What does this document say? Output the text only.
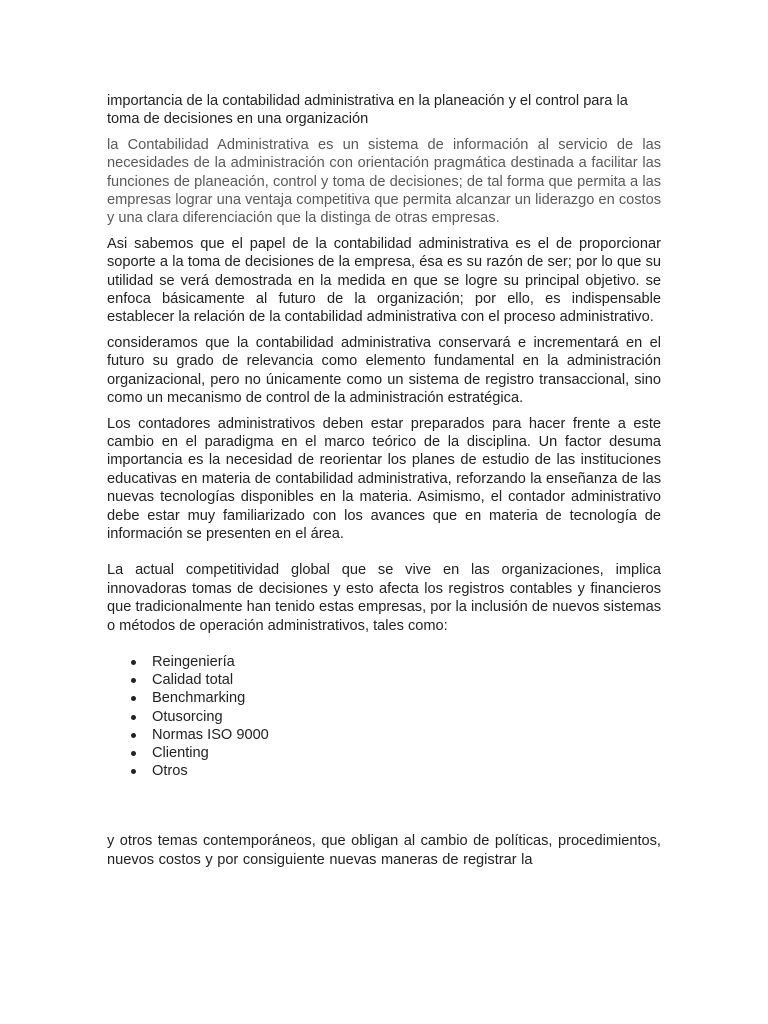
importancia de la contabilidad administrativa en la planeación y el control para la toma de decisiones en una organización

la Contabilidad Administrativa es un sistema de información al servicio de las necesidades de la administración con orientación pragmática destinada a facilitar las funciones de planeación, control y toma de decisiones; de tal forma que permita a las empresas lograr una ventaja competitiva que permita alcanzar un liderazgo en costos y una clara diferenciación que la distinga de otras empresas.

Asi sabemos que el papel de la contabilidad administrativa es el de proporcionar soporte a la toma de decisiones de la empresa, ésa es su razón de ser; por lo que su utilidad se verá demostrada en la medida en que se logre su principal objetivo. se enfoca básicamente al futuro de la organización; por ello, es indispensable establecer la relación de la contabilidad administrativa con el proceso administrativo.

consideramos que la contabilidad administrativa conservará e incrementará en el futuro su grado de relevancia como elemento fundamental en la administración organizacional, pero no únicamente como un sistema de registro transaccional, sino como un mecanismo de control de la administración estratégica.

Los contadores administrativos deben estar preparados para hacer frente a este cambio en el paradigma en el marco teórico de la disciplina. Un factor desuma importancia es la necesidad de reorientar los planes de estudio de las instituciones educativas en materia de contabilidad administrativa, reforzando la enseñanza de las nuevas tecnologías disponibles en la materia. Asimismo, el contador administrativo debe estar muy familiarizado con los avances que en materia de tecnología de información se presenten en el área.

La actual competitividad global que se vive en las organizaciones, implica innovadoras tomas de decisiones y esto afecta los registros contables y financieros que tradicionalmente han tenido estas empresas, por la inclusión de nuevos sistemas o métodos de operación administrativos, tales como:

Reingeniería
Calidad total
Benchmarking
Otusorcing
Normas ISO 9000
Clienting
Otros

y otros temas contemporáneos, que obligan al cambio de políticas, procedimientos, nuevos costos y por consiguiente nuevas maneras de registrar la
